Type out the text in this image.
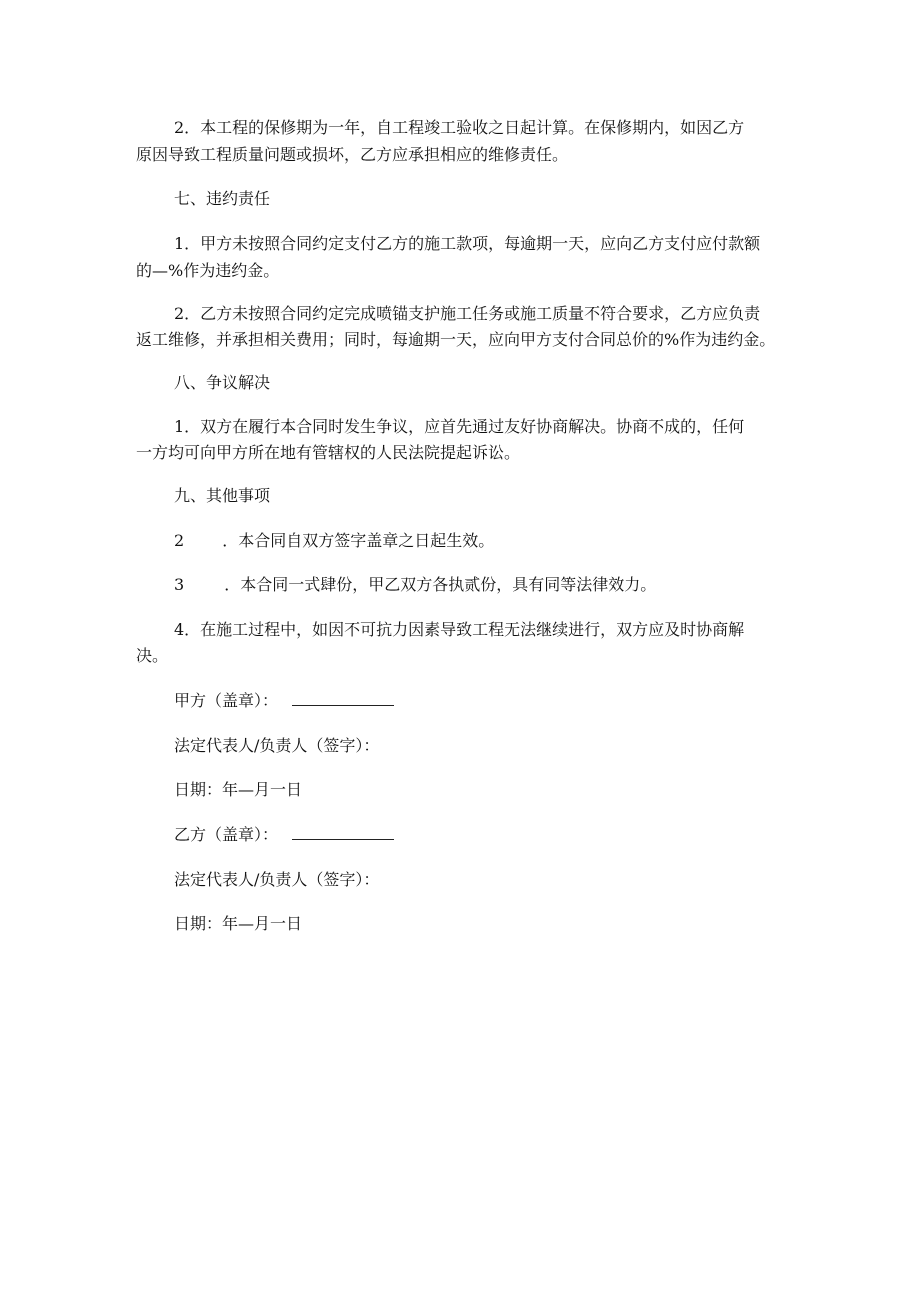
2．本工程的保修期为一年，自工程竣工验收之日起计算。在保修期内，如因乙方
原因导致工程质量问题或损坏，乙方应承担相应的维修责任。
七、违约责任
1．甲方未按照合同约定支付乙方的施工款项，每逾期一天，应向乙方支付应付款额
的—%作为违约金。
2．乙方未按照合同约定完成喷锚支护施工任务或施工质量不符合要求，乙方应负责
返工维修，并承担相关费用；同时，每逾期一天，应向甲方支付合同总价的%作为违约金。
八、争议解决
1．双方在履行本合同时发生争议，应首先通过友好协商解决。协商不成的，任何
一方均可向甲方所在地有管辖权的人民法院提起诉讼。
九、其他事项
2 ．本合同自双方签字盖章之日起生效。
3	．本合同一式肆份，甲乙双方各执贰份，具有同等法律效力。
4．在施工过程中，如因不可抗力因素导致工程无法继续进行，双方应及时协商解
决。
甲方（盖章）：
法定代表人/负责人（签字）：
日期：年—月一日
乙方（盖章）：
法定代表人/负责人（签字）：
日期：年—月一日
